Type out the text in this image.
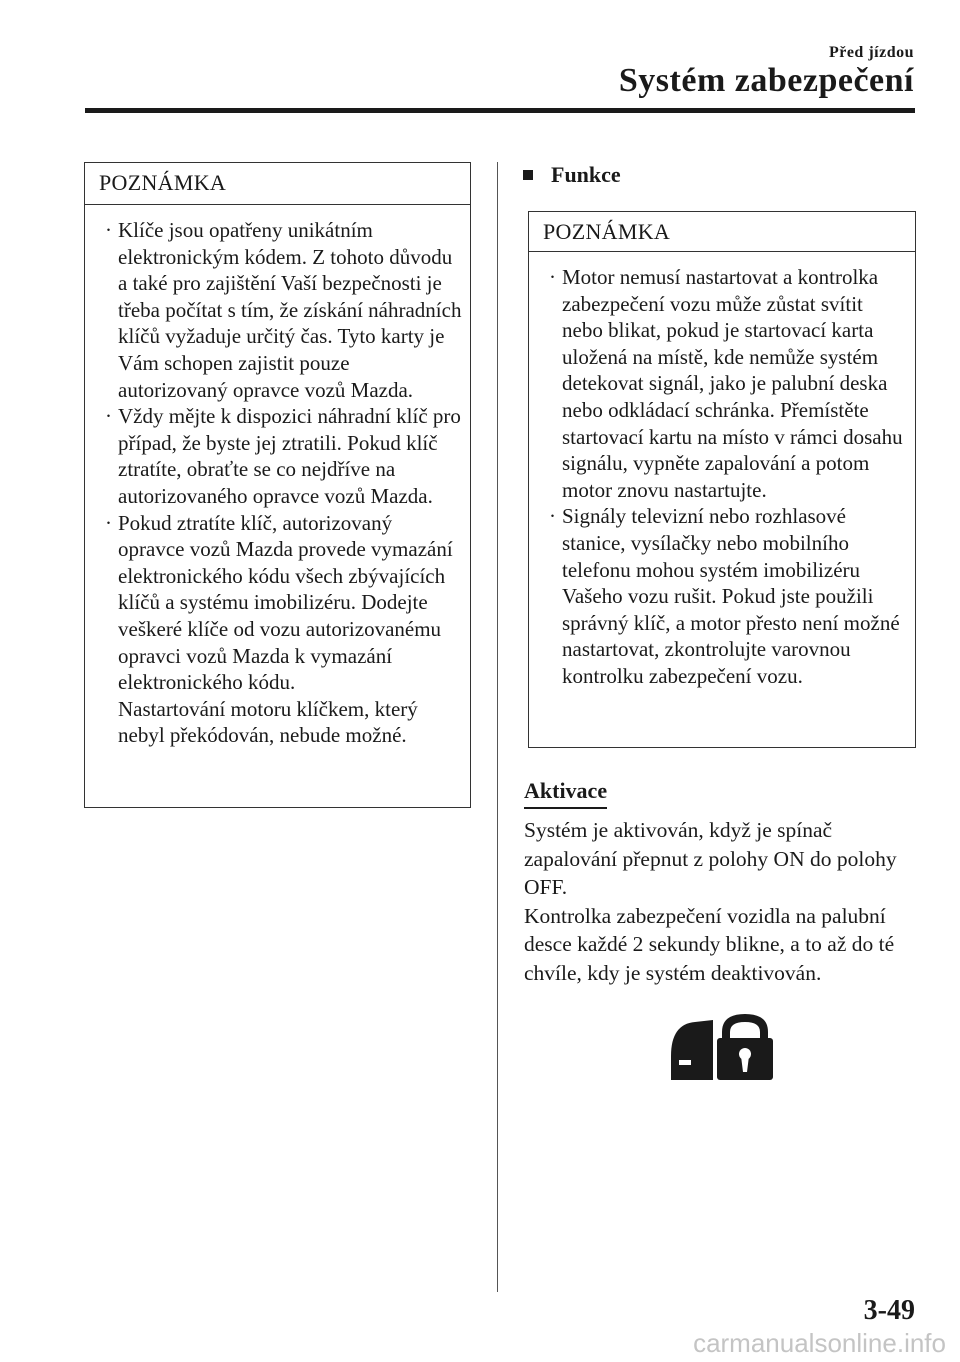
Před jízdou
Systém zabezpečení
POZNÁMKA
· Klíče jsou opatřeny unikátním elektronickým kódem. Z tohoto důvodu a také pro zajištění Vaší bezpečnosti je třeba počítat s tím, že získání náhradních klíčů vyžaduje určitý čas. Tyto karty je Vám schopen zajistit pouze autorizovaný opravce vozů Mazda.
· Vždy mějte k dispozici náhradní klíč pro případ, že byste jej ztratili. Pokud klíč ztratíte, obraťte se co nejdříve na autorizovaného opravce vozů Mazda.
· Pokud ztratíte klíč, autorizovaný opravce vozů Mazda provede vymazání elektronického kódu všech zbývajících klíčů a systému imobilizéru. Dodejte veškeré klíče od vozu autorizovanému opravci vozů Mazda k vymazání elektronického kódu.
Nastartování motoru klíčkem, který nebyl překódován, nebude možné.
Funkce
POZNÁMKA
· Motor nemusí nastartovat a kontrolka zabezpečení vozu může zůstat svítit nebo blikat, pokud je startovací karta uložená na místě, kde nemůže systém detekovat signál, jako je palubní deska nebo odkládací schránka. Přemístěte startovací kartu na místo v rámci dosahu signálu, vypněte zapalování a potom motor znovu nastartujte.
· Signály televizní nebo rozhlasové stanice, vysílačky nebo mobilního telefonu mohou systém imobilizéru Vašeho vozu rušit. Pokud jste použili správný klíč, a motor přesto není možné nastartovat, zkontrolujte varovnou kontrolku zabezpečení vozu.
Aktivace

Systém je aktivován, když je spínač zapalování přepnut z polohy ON do polohy OFF.

Kontrolka zabezpečení vozidla na palubní desce každé 2 sekundy blikne, a to až do té chvíle, kdy je systém deaktivován.

3-49
carmanualsonline.info
